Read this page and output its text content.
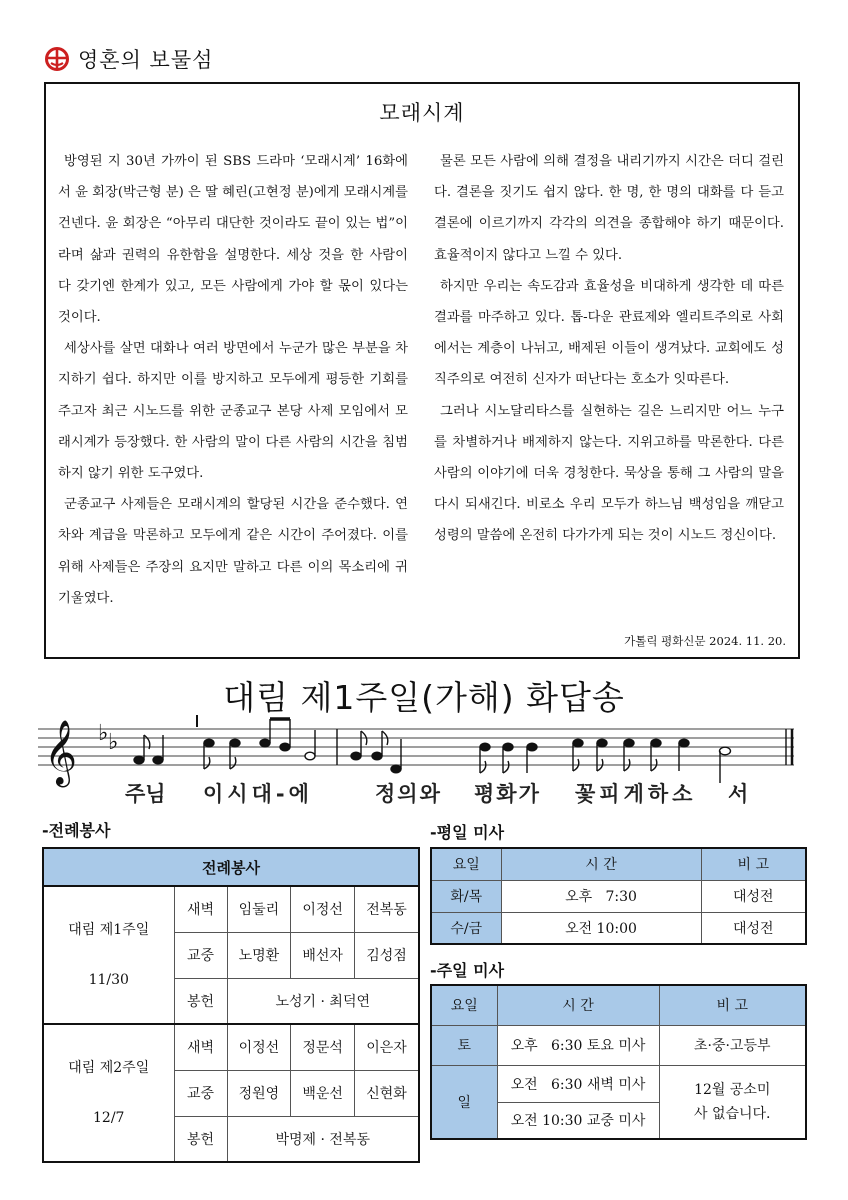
영혼의 보물섬
모래시계

방영된 지 30년 가까이 된 SBS 드라마 ‘모래시계’ 16화에서 윤 회장(박근형 분) 은 딸 혜린(고현정 분)에게 모래시계를 건넨다. 윤 회장은 “아무리 대단한 것이라도 끝이 있는 법”이라며 삶과 권력의 유한함을 설명한다. 세상 것을 한 사람이 다 갖기엔 한계가 있고, 모든 사람에게 가야 할 몫이 있다는 것이다.

세상사를 살면 대화나 여러 방면에서 누군가 많은 부분을 차지하기 쉽다. 하지만 이를 방지하고 모두에게 평등한 기회를 주고자 최근 시노드를 위한 군종교구 본당 사제 모임에서 모래시계가 등장했다. 한 사람의 말이 다른 사람의 시간을 침범하지 않기 위한 도구였다.

군종교구 사제들은 모래시계의 할당된 시간을 준수했다. 연차와 계급을 막론하고 모두에게 같은 시간이 주어졌다. 이를 위해 사제들은 주장의 요지만 말하고 다른 이의 목소리에 귀 기울였다.

물론 모든 사람에 의해 결정을 내리기까지 시간은 더디 걸린다. 결론을 짓기도 쉽지 않다. 한 명, 한 명의 대화를 다 듣고 결론에 이르기까지 각각의 의견을 종합해야 하기 때문이다. 효율적이지 않다고 느낄 수 있다.

하지만 우리는 속도감과 효율성을 비대하게 생각한 데 따른 결과를 마주하고 있다. 톱-다운 관료제와 엘리트주의로 사회에서는 계층이 나뉘고, 배제된 이들이 생겨났다. 교회에도 성직주의로 여전히 신자가 떠난다는 호소가 잇따른다.

그러나 시노달리타스를 실현하는 길은 느리지만 어느 누구를 차별하거나 배제하지 않는다. 지위고하를 막론한다. 다른 사람의 이야기에 더욱 경청한다. 묵상을 통해 그 사람의 말을 다시 되새긴다. 비로소 우리 모두가 하느님 백성임을 깨닫고 성령의 말씀에 온전히 다가가게 되는 것이 시노드 정신이다.

가톨릭 평화신문 2024. 11. 20.
대림 제1주일(가해) 화답송
𝄞 ♭ ♭
주님 이시대-에	정의와 평화가 꽃피게하소 서
-전례봉사	-평일 미사
-주일 미사
전례봉사				

대림 제1주일
11/30	새벽	임둘리	이정선	전복동
	교중	노명환	배선자	김성점
	봉헌	노성기 · 최덕연		

대림 제2주일
12/7	새벽	이정선	정문석	이은자
	교중	정원영	백운선	신현화
	봉헌	박명제 · 전복동		
요일	시 간	비 고
화/목	오후   7:30	대성전
수/금	오전 10:00	대성전
요일	시 간	비 고
토	오후   6:30 토요 미사	초·중·고등부
일	오전   6:30 새벽 미사	12월 공소미사 없습니다.
	오전 10:30 교중 미사	
